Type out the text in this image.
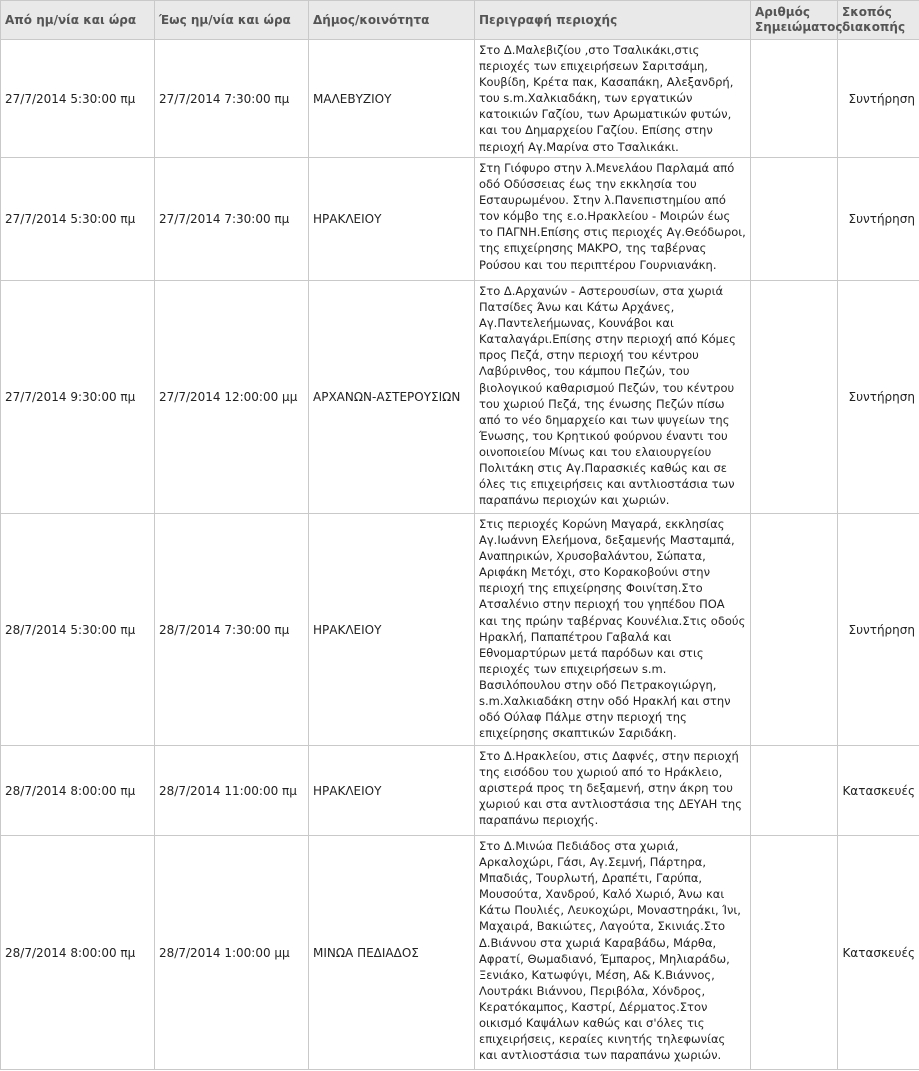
Από ημ/νία και ώρα	Έως ημ/νία και ώρα	Δήμος/κοινότητα	Περιγραφή περιοχής	Αριθμός Σημειώματος	Σκοπός διακοπής
27/7/2014 5:30:00 πμ	27/7/2014 7:30:00 πμ	ΜΑΛΕΒΥΖΙΟΥ	Στο Δ.Μαλεβιζίου ,στο Τσαλικάκι,στις περιοχές των επιχειρήσεων Σαριτσάμη, Κουβίδη, Κρέτα πακ, Κασαπάκη, Αλεξανδρή, του s.m.Χαλκιαδάκη, των εργατικών κατοικιών Γαζίου, των Αρωματικών φυτών, και του Δημαρχείου Γαζίου. Επίσης στην περιοχή Αγ.Μαρίνα στο Τσαλικάκι.		Συντήρηση
27/7/2014 5:30:00 πμ	27/7/2014 7:30:00 πμ	ΗΡΑΚΛΕΙΟΥ	Στη Γιόφυρο στην λ.Μενελάου Παρλαμά από οδό Οδύσσειας έως την εκκλησία του Εσταυρωμένου. Στην λ.Πανεπιστημίου από τον κόμβο της ε.ο.Ηρακλείου - Μοιρών έως το ΠΑΓΝΗ.Επίσης στις περιοχές Αγ.Θεόδωροι, της επιχείρησης ΜΑΚΡΟ, της ταβέρνας Ρούσου και του περιπτέρου Γουρνιανάκη.		Συντήρηση
27/7/2014 9:30:00 πμ	27/7/2014 12:00:00 μμ	ΑΡΧΑΝΩΝ-ΑΣΤΕΡΟΥΣΙΩΝ	Στο Δ.Αρχανών - Αστερουσίων, στα χωριά Πατσίδες Άνω και Κάτω Αρχάνες, Αγ.Παντελεήμωνας, Κουνάβοι και Καταλαγάρι.Επίσης στην περιοχή από Κόμες προς Πεζά, στην περιοχή του κέντρου Λαβύρινθος, του κάμπου Πεζών, του βιολογικού καθαρισμού Πεζών, του κέντρου του χωριού Πεζά, της ένωσης Πεζών πίσω από το νέο δημαρχείο και των ψυγείων της Ένωσης, του Κρητικού φούρνου έναντι του οινοποιείου Μίνως και του ελαιουργείου Πολιτάκη στις Αγ.Παρασκιές καθώς και σε όλες τις επιχειρήσεις και αντλιοστάσια των παραπάνω περιοχών και χωριών.		Συντήρηση
28/7/2014 5:30:00 πμ	28/7/2014 7:30:00 πμ	ΗΡΑΚΛΕΙΟΥ	Στις περιοχές Κορώνη Μαγαρά, εκκλησίας Αγ.Ιωάννη Ελεήμονα, δεξαμενής Μασταμπά, Αναπηρικών, Χρυσοβαλάντου, Σώπατα, Αριφάκη Μετόχι, στο Κορακοβούνι στην περιοχή της επιχείρησης Φοινίτση.Στο Ατσαλένιο στην περιοχή του γηπέδου ΠΟΑ και της πρώην ταβέρνας Κουνέλια.Στις οδούς Ηρακλή, Παπαπέτρου Γαβαλά και Εθνομαρτύρων μετά παρόδων και στις περιοχές των επιχειρήσεων s.m. Βασιλόπουλου στην οδό Πετρακογιώργη, s.m.Χαλκιαδάκη στην οδό Ηρακλή και στην οδό Ούλαφ Πάλμε στην περιοχή της επιχείρησης σκαπτικών Σαριδάκη.		Συντήρηση
28/7/2014 8:00:00 πμ	28/7/2014 11:00:00 πμ	ΗΡΑΚΛΕΙΟΥ	Στο Δ.Ηρακλείου, στις Δαφνές, στην περιοχή της εισόδου του χωριού από το Ηράκλειο, αριστερά προς τη δεξαμενή, στην άκρη του χωριού και στα αντλιοστάσια της ΔΕΥΑΗ της παραπάνω περιοχής.		Κατασκευές
28/7/2014 8:00:00 πμ	28/7/2014 1:00:00 μμ	ΜΙΝΩΑ ΠΕΔΙΑΔΟΣ	Στο Δ.Μινώα Πεδιάδος στα χωριά, Αρκαλοχώρι, Γάσι, Αγ.Σεμνή, Πάρτηρα, Μπαδιάς, Τουρλωτή, Δραπέτι, Γαρύπα, Μουσούτα, Χανδρού, Καλό Χωριό, Άνω και Κάτω Πουλιές, Λευκοχώρι, Μοναστηράκι, Ίνι, Μαχαιρά, Βακιώτες, Λαγούτα, Σκινιάς.Στο Δ.Βιάννου στα χωριά Καραβάδω, Μάρθα, Αφρατί, Θωμαδιανό, Έμπαρος, Μηλιαράδω, Ξενιάκο, Κατωφύγι, Μέση, Α& Κ.Βιάννος, Λουτράκι Βιάννου, Περιβόλα, Χόνδρος, Κερατόκαμπος, Καστρί, Δέρματος.Στον οικισμό Καψάλων καθώς και σ'όλες τις επιχειρήσεις, κεραίες κινητής τηλεφωνίας και αντλιοστάσια των παραπάνω χωριών.		Κατασκευές
